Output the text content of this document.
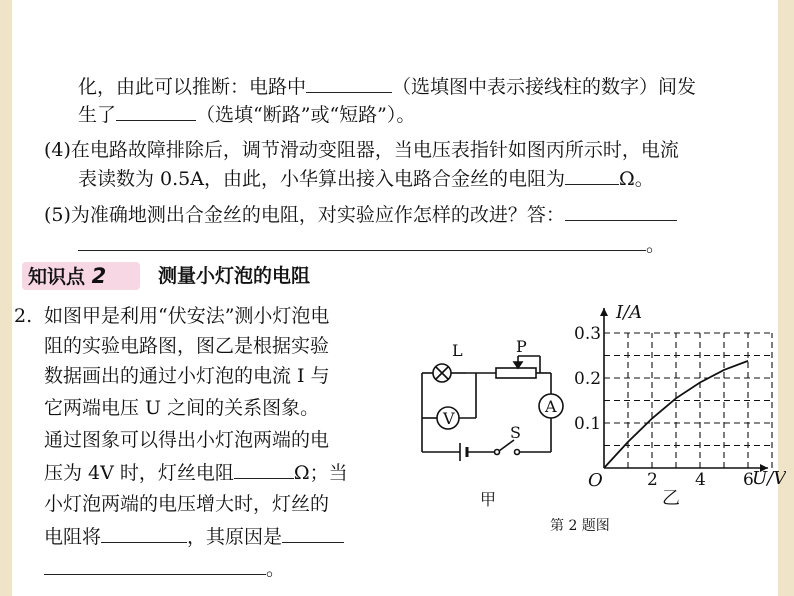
化，由此可以推断：电路中	（选填图中表示接线柱的数字）间发
生了	（选填“断路”或“短路”）。
(4)在电路故障排除后，调节滑动变阻器，当电压表指针如图丙所示时，电流
表读数为 0.5A，由此，小华算出接入电路合金丝的电阻为	Ω。
(5)为准确地测出合金丝的电阻，对实验应作怎样的改进？答：
。
知识点 2	测量小灯泡的电阻
2. 如图甲是利用“伏安法”测小灯泡电
阻的实验电路图，图乙是根据实验
数据画出的通过小灯泡的电流 I 与
它两端电压 U 之间的关系图象。
通过图象可以得出小灯泡两端的电
压为 4V 时，灯丝电阻	Ω；当
小灯泡两端的电压增大时，灯丝的
电阻将	，其原因是
。
L	P
V
A
S
甲
2 4 6
0.1
0.2
0.3
I/A
U/V
O
乙
第 2 题图
